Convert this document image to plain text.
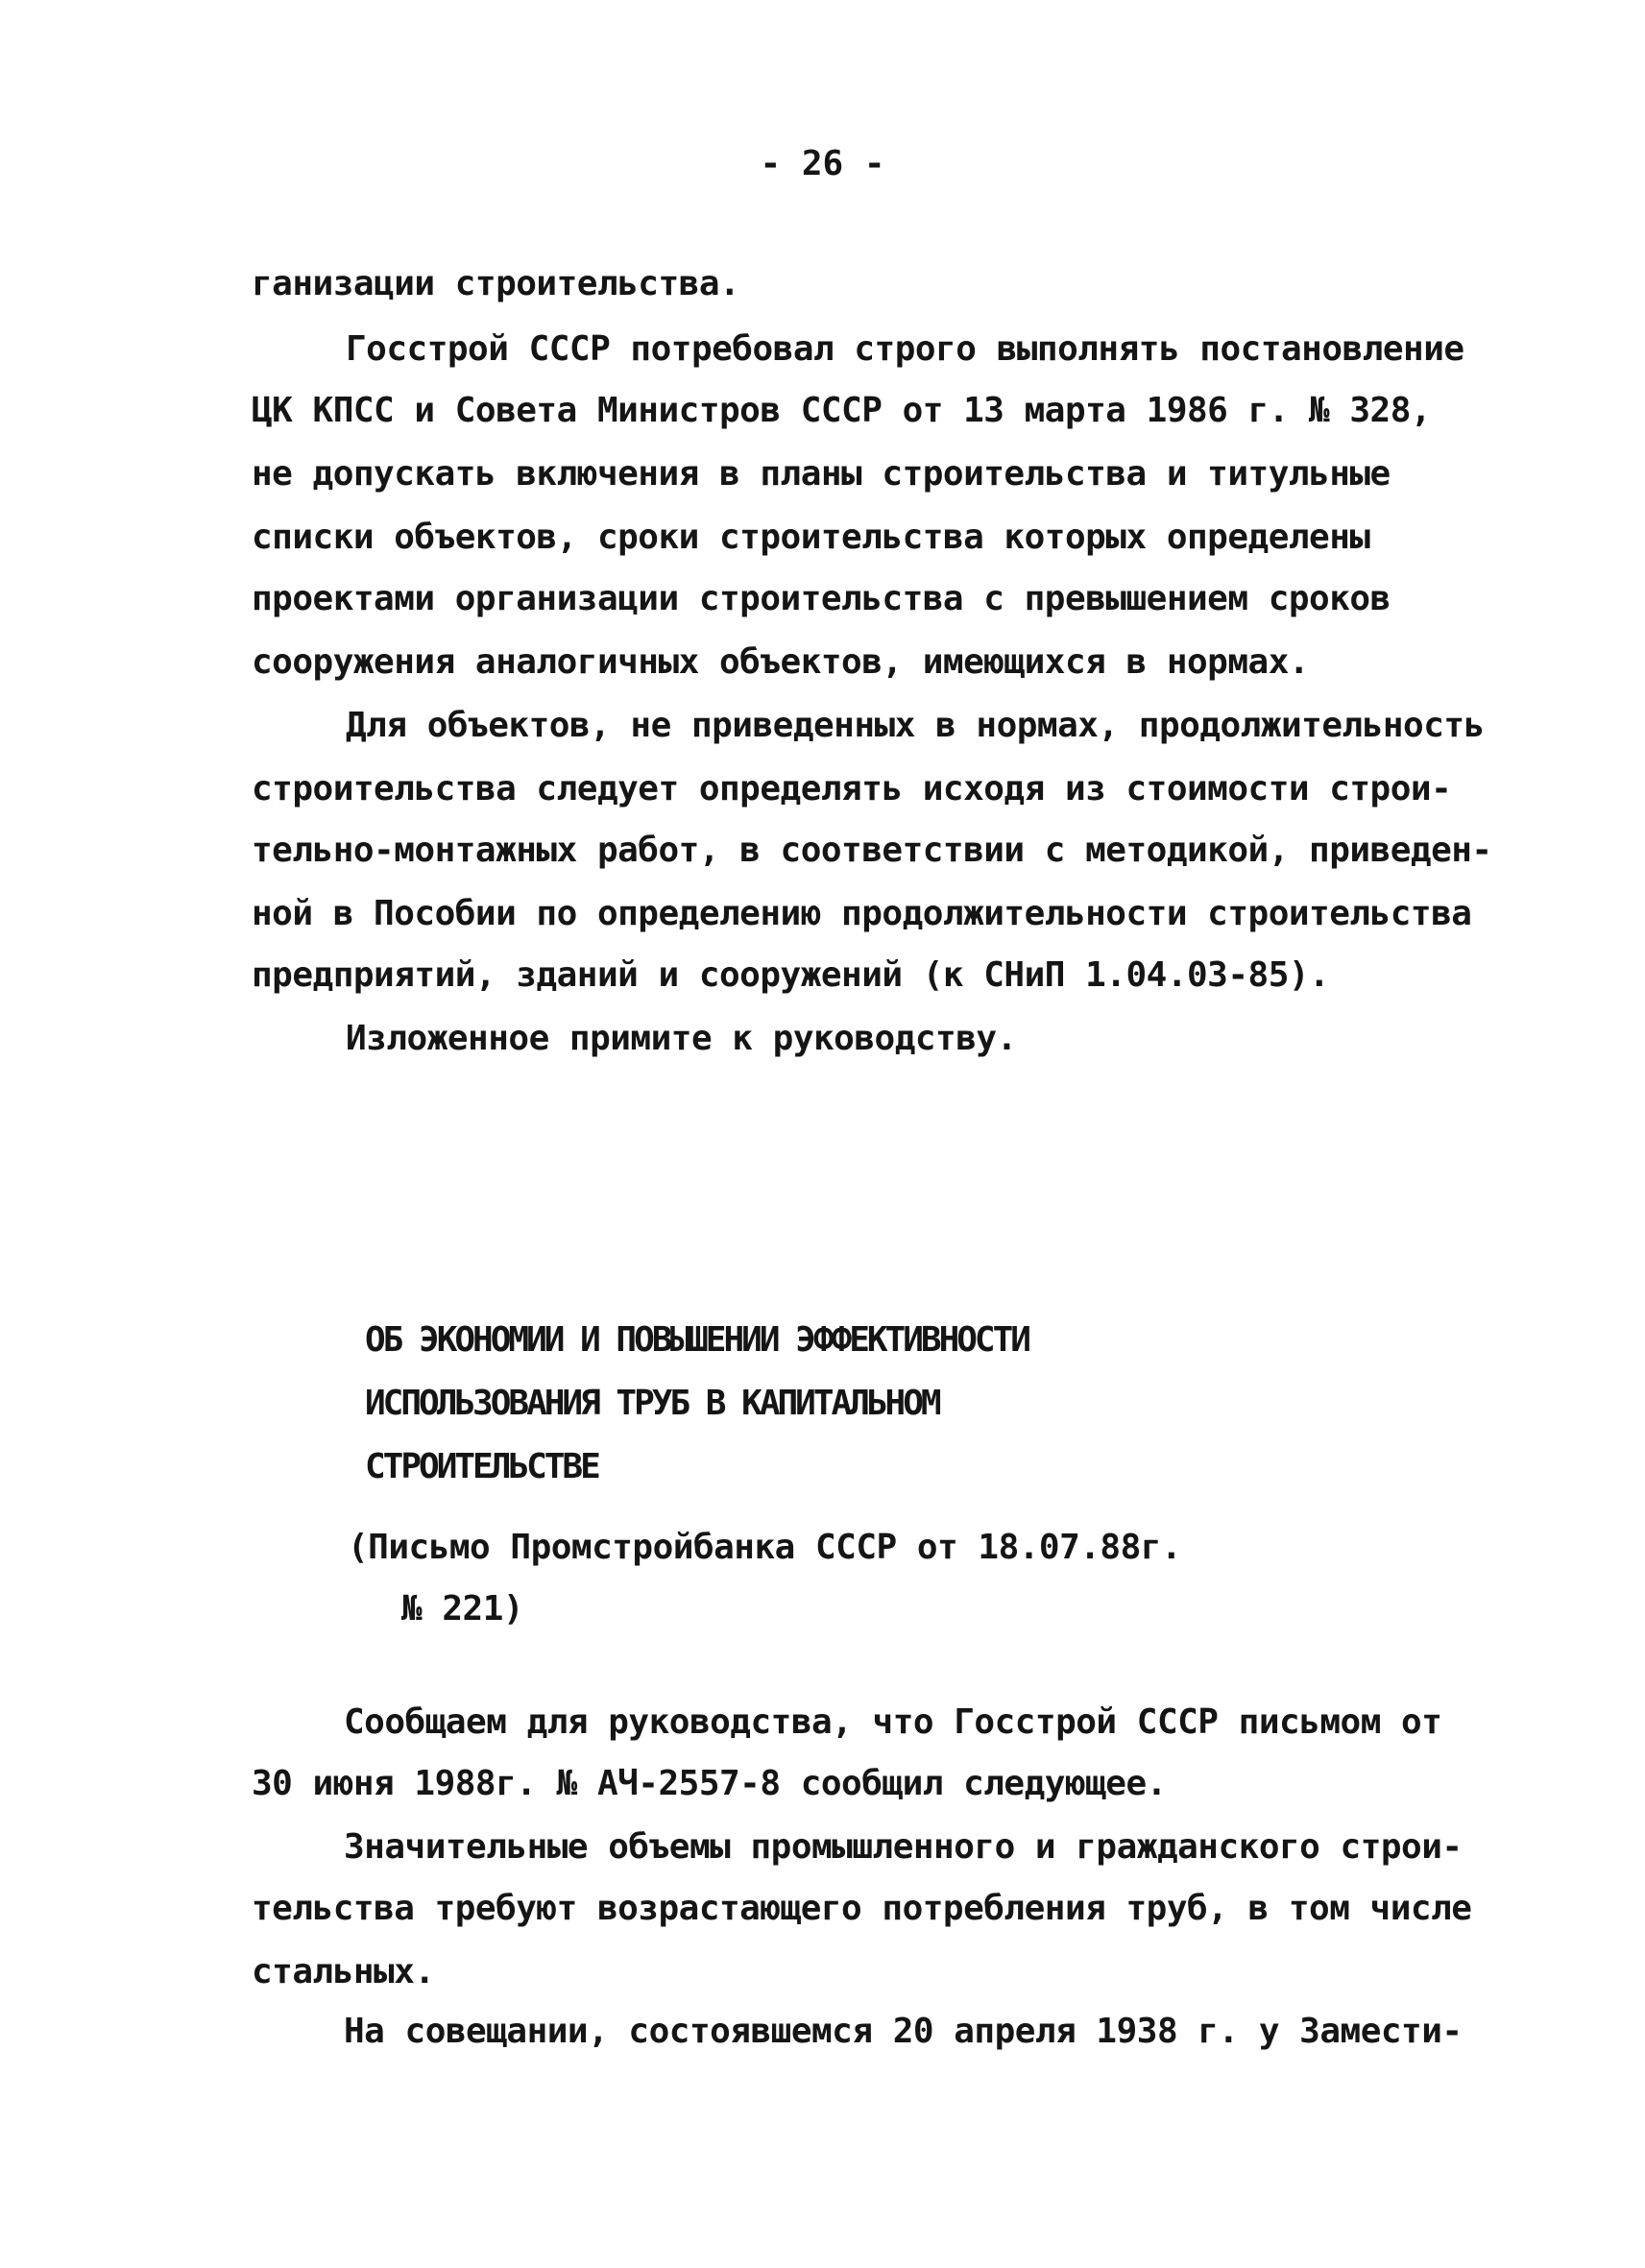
- 26 -
ганизации строительства.
Госстрой СССР потребовал строго выполнять постановление
ЦК КПСС и Совета Министров СССР от 13 марта 1986 г. № 328,
не допускать включения в планы строительства и титульные
списки объектов, сроки строительства которых определены
проектами организации строительства с превышением сроков
сооружения аналогичных объектов, имеющихся в нормах.
Для объектов, не приведенных в нормах, продолжительность
строительства следует определять исходя из стоимости строи-
тельно-монтажных работ, в соответствии с методикой, приведен-
ной в Пособии по определению продолжительности строительства
предприятий, зданий и сооружений (к СНиП 1.04.03-85).
Изложенное примите к руководству.
ОБ ЭКОНОМИИ И ПОВЫШЕНИИ ЭФФЕКТИВНОСТИ
ИСПОЛЬЗОВАНИЯ ТРУБ В КАПИТАЛЬНОМ
СТРОИТЕЛЬСТВЕ
(Письмо Промстройбанка СССР от 18.07.88г.
№ 221)
Сообщаем для руководства, что Госстрой СССР письмом от
30 июня 1988г. № АЧ-2557-8 сообщил следующее.
Значительные объемы промышленного и гражданского строи-
тельства требуют возрастающего потребления труб, в том числе
стальных.
На совещании, состоявшемся 20 апреля 1938 г. у Замести-
